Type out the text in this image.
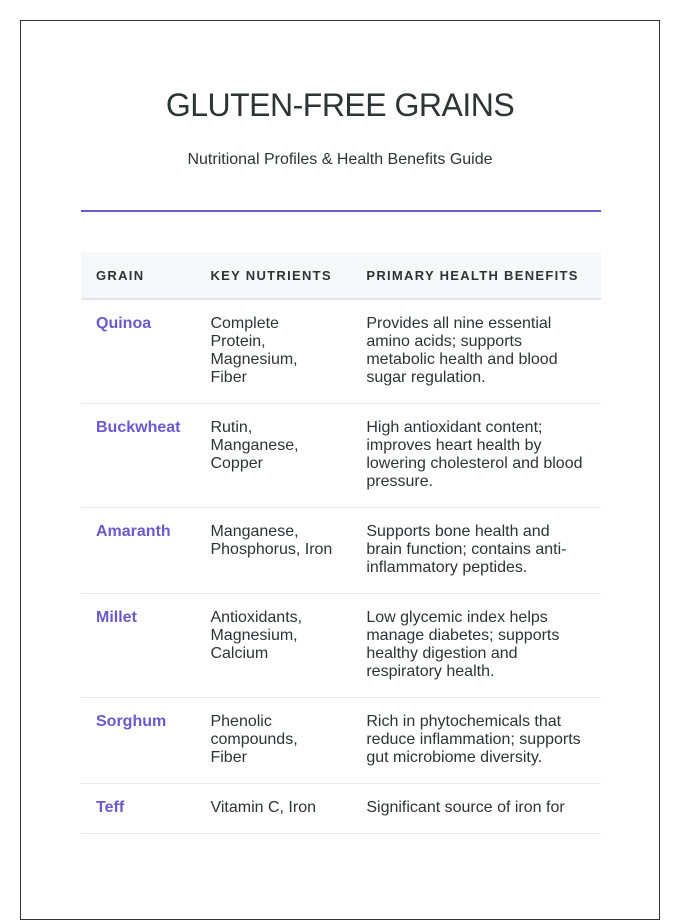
GLUTEN-FREE GRAINS

Nutritional Profiles & Health Benefits Guide

GRAIN	KEY NUTRIENTS	PRIMARY HEALTH BENEFITS
Quinoa	Complete Protein, Magnesium, Fiber	Provides all nine essential amino acids; supports metabolic health and blood sugar regulation.
Buckwheat	Rutin, Manganese, Copper	High antioxidant content; improves heart health by lowering cholesterol and blood pressure.
Amaranth	Manganese, Phosphorus, Iron	Supports bone health and brain function; contains anti-inflammatory peptides.
Millet	Antioxidants, Magnesium, Calcium	Low glycemic index helps manage diabetes; supports healthy digestion and respiratory health.
Sorghum	Phenolic compounds, Fiber	Rich in phytochemicals that reduce inflammation; supports gut microbiome diversity.
Teff	Vitamin C, Iron	Significant source of iron for
